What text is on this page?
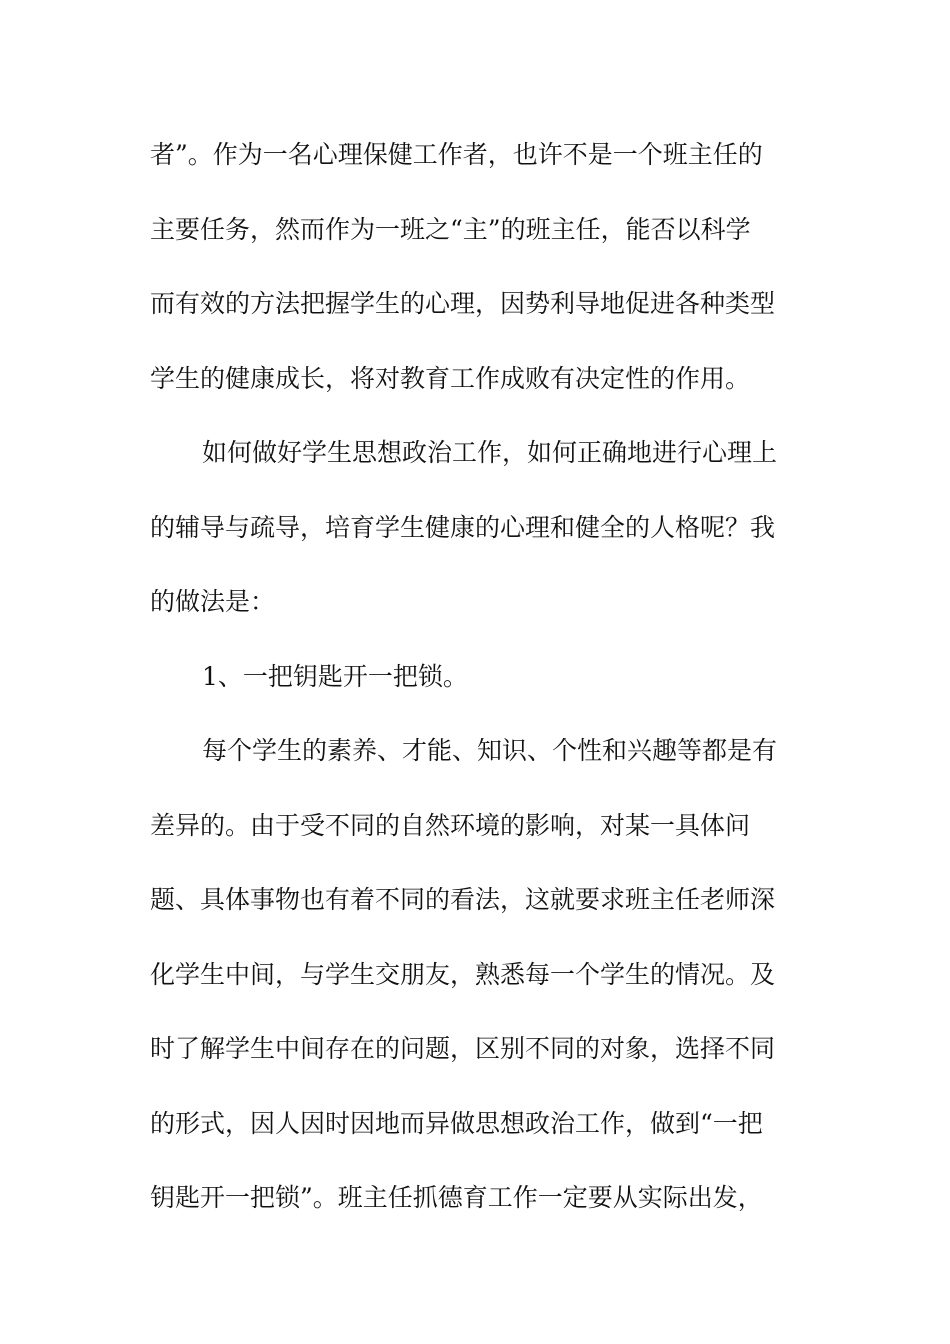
者”。作为一名心理保健工作者，也许不是一个班主任的
主要任务，然而作为一班之“主”的班主任，能否以科学
而有效的方法把握学生的心理，因势利导地促进各种类型
学生的健康成长，将对教育工作成败有决定性的作用。
如何做好学生思想政治工作，如何正确地进行心理上
的辅导与疏导，培育学生健康的心理和健全的人格呢？我
的做法是：
1、一把钥匙开一把锁。
每个学生的素养、才能、知识、个性和兴趣等都是有
差异的。由于受不同的自然环境的影响，对某一具体问
题、具体事物也有着不同的看法，这就要求班主任老师深
化学生中间，与学生交朋友，熟悉每一个学生的情况。及
时了解学生中间存在的问题，区别不同的对象，选择不同
的形式，因人因时因地而异做思想政治工作，做到“一把
钥匙开一把锁”。班主任抓德育工作一定要从实际出发，
